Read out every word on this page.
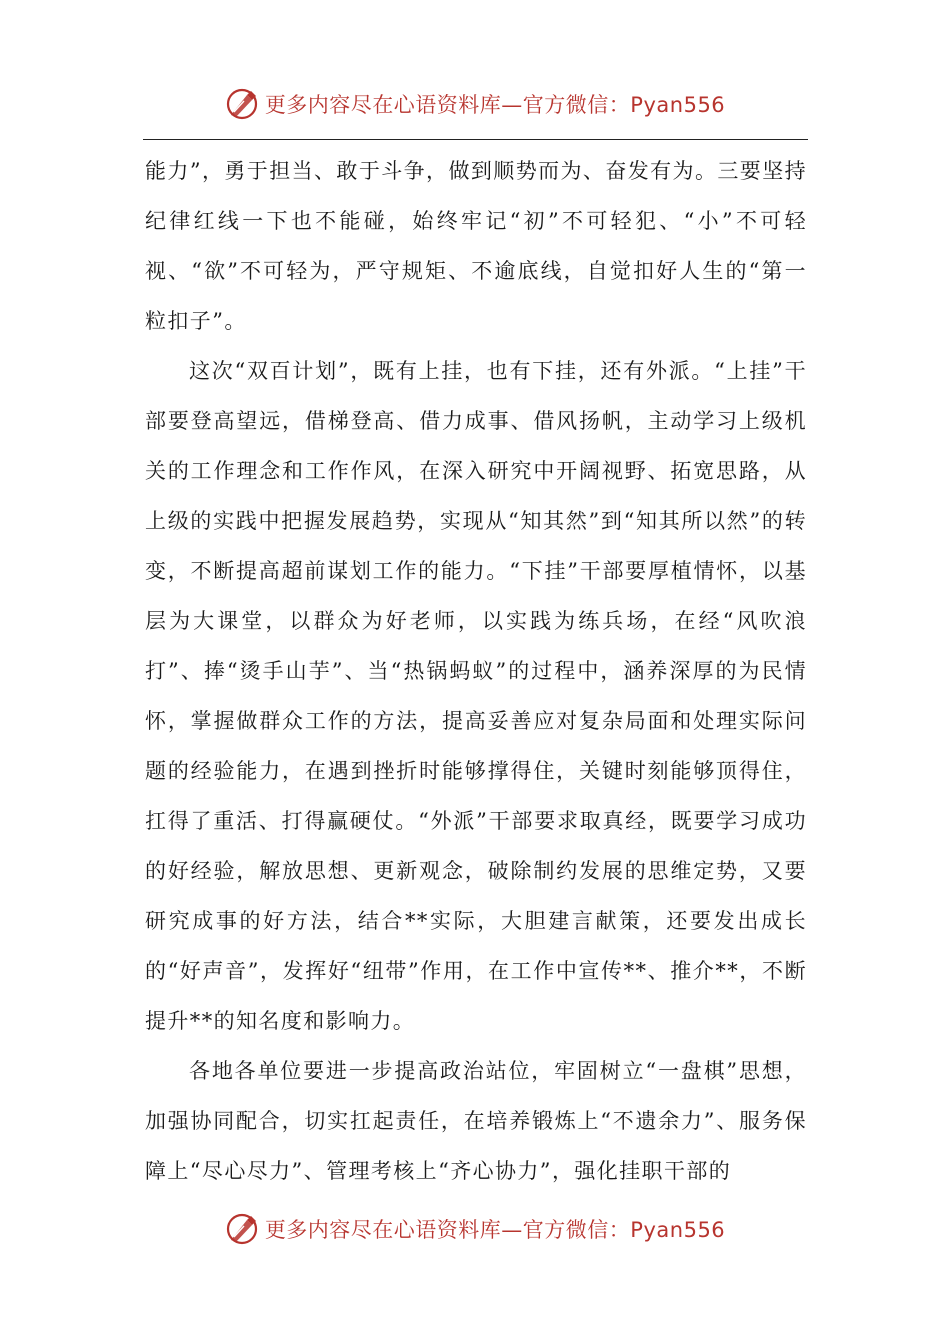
更多内容尽在心语资料库—官方微信：Pyan556

能力”，勇于担当、敢于斗争，做到顺势而为、奋发有为。三要坚持纪律红线一下也不能碰，始终牢记“初”不可轻犯、“小”不可轻视、“欲”不可轻为，严守规矩、不逾底线，自觉扣好人生的“第一粒扣子”。

这次“双百计划”，既有上挂，也有下挂，还有外派。“上挂”干部要登高望远，借梯登高、借力成事、借风扬帆，主动学习上级机关的工作理念和工作作风，在深入研究中开阔视野、拓宽思路，从上级的实践中把握发展趋势，实现从“知其然”到“知其所以然”的转变，不断提高超前谋划工作的能力。“下挂”干部要厚植情怀，以基层为大课堂，以群众为好老师，以实践为练兵场，在经“风吹浪打”、捧“烫手山芋”、当“热锅蚂蚁”的过程中，涵养深厚的为民情怀，掌握做群众工作的方法，提高妥善应对复杂局面和处理实际问题的经验能力，在遇到挫折时能够撑得住，关键时刻能够顶得住，扛得了重活、打得赢硬仗。“外派”干部要求取真经，既要学习成功的好经验，解放思想、更新观念，破除制约发展的思维定势，又要研究成事的好方法，结合**实际，大胆建言献策，还要发出成长的“好声音”，发挥好“纽带”作用，在工作中宣传**、推介**，不断提升**的知名度和影响力。

各地各单位要进一步提高政治站位，牢固树立“一盘棋”思想，加强协同配合，切实扛起责任，在培养锻炼上“不遗余力”、服务保障上“尽心尽力”、管理考核上“齐心协力”，强化挂职干部的

更多内容尽在心语资料库—官方微信：Pyan556
